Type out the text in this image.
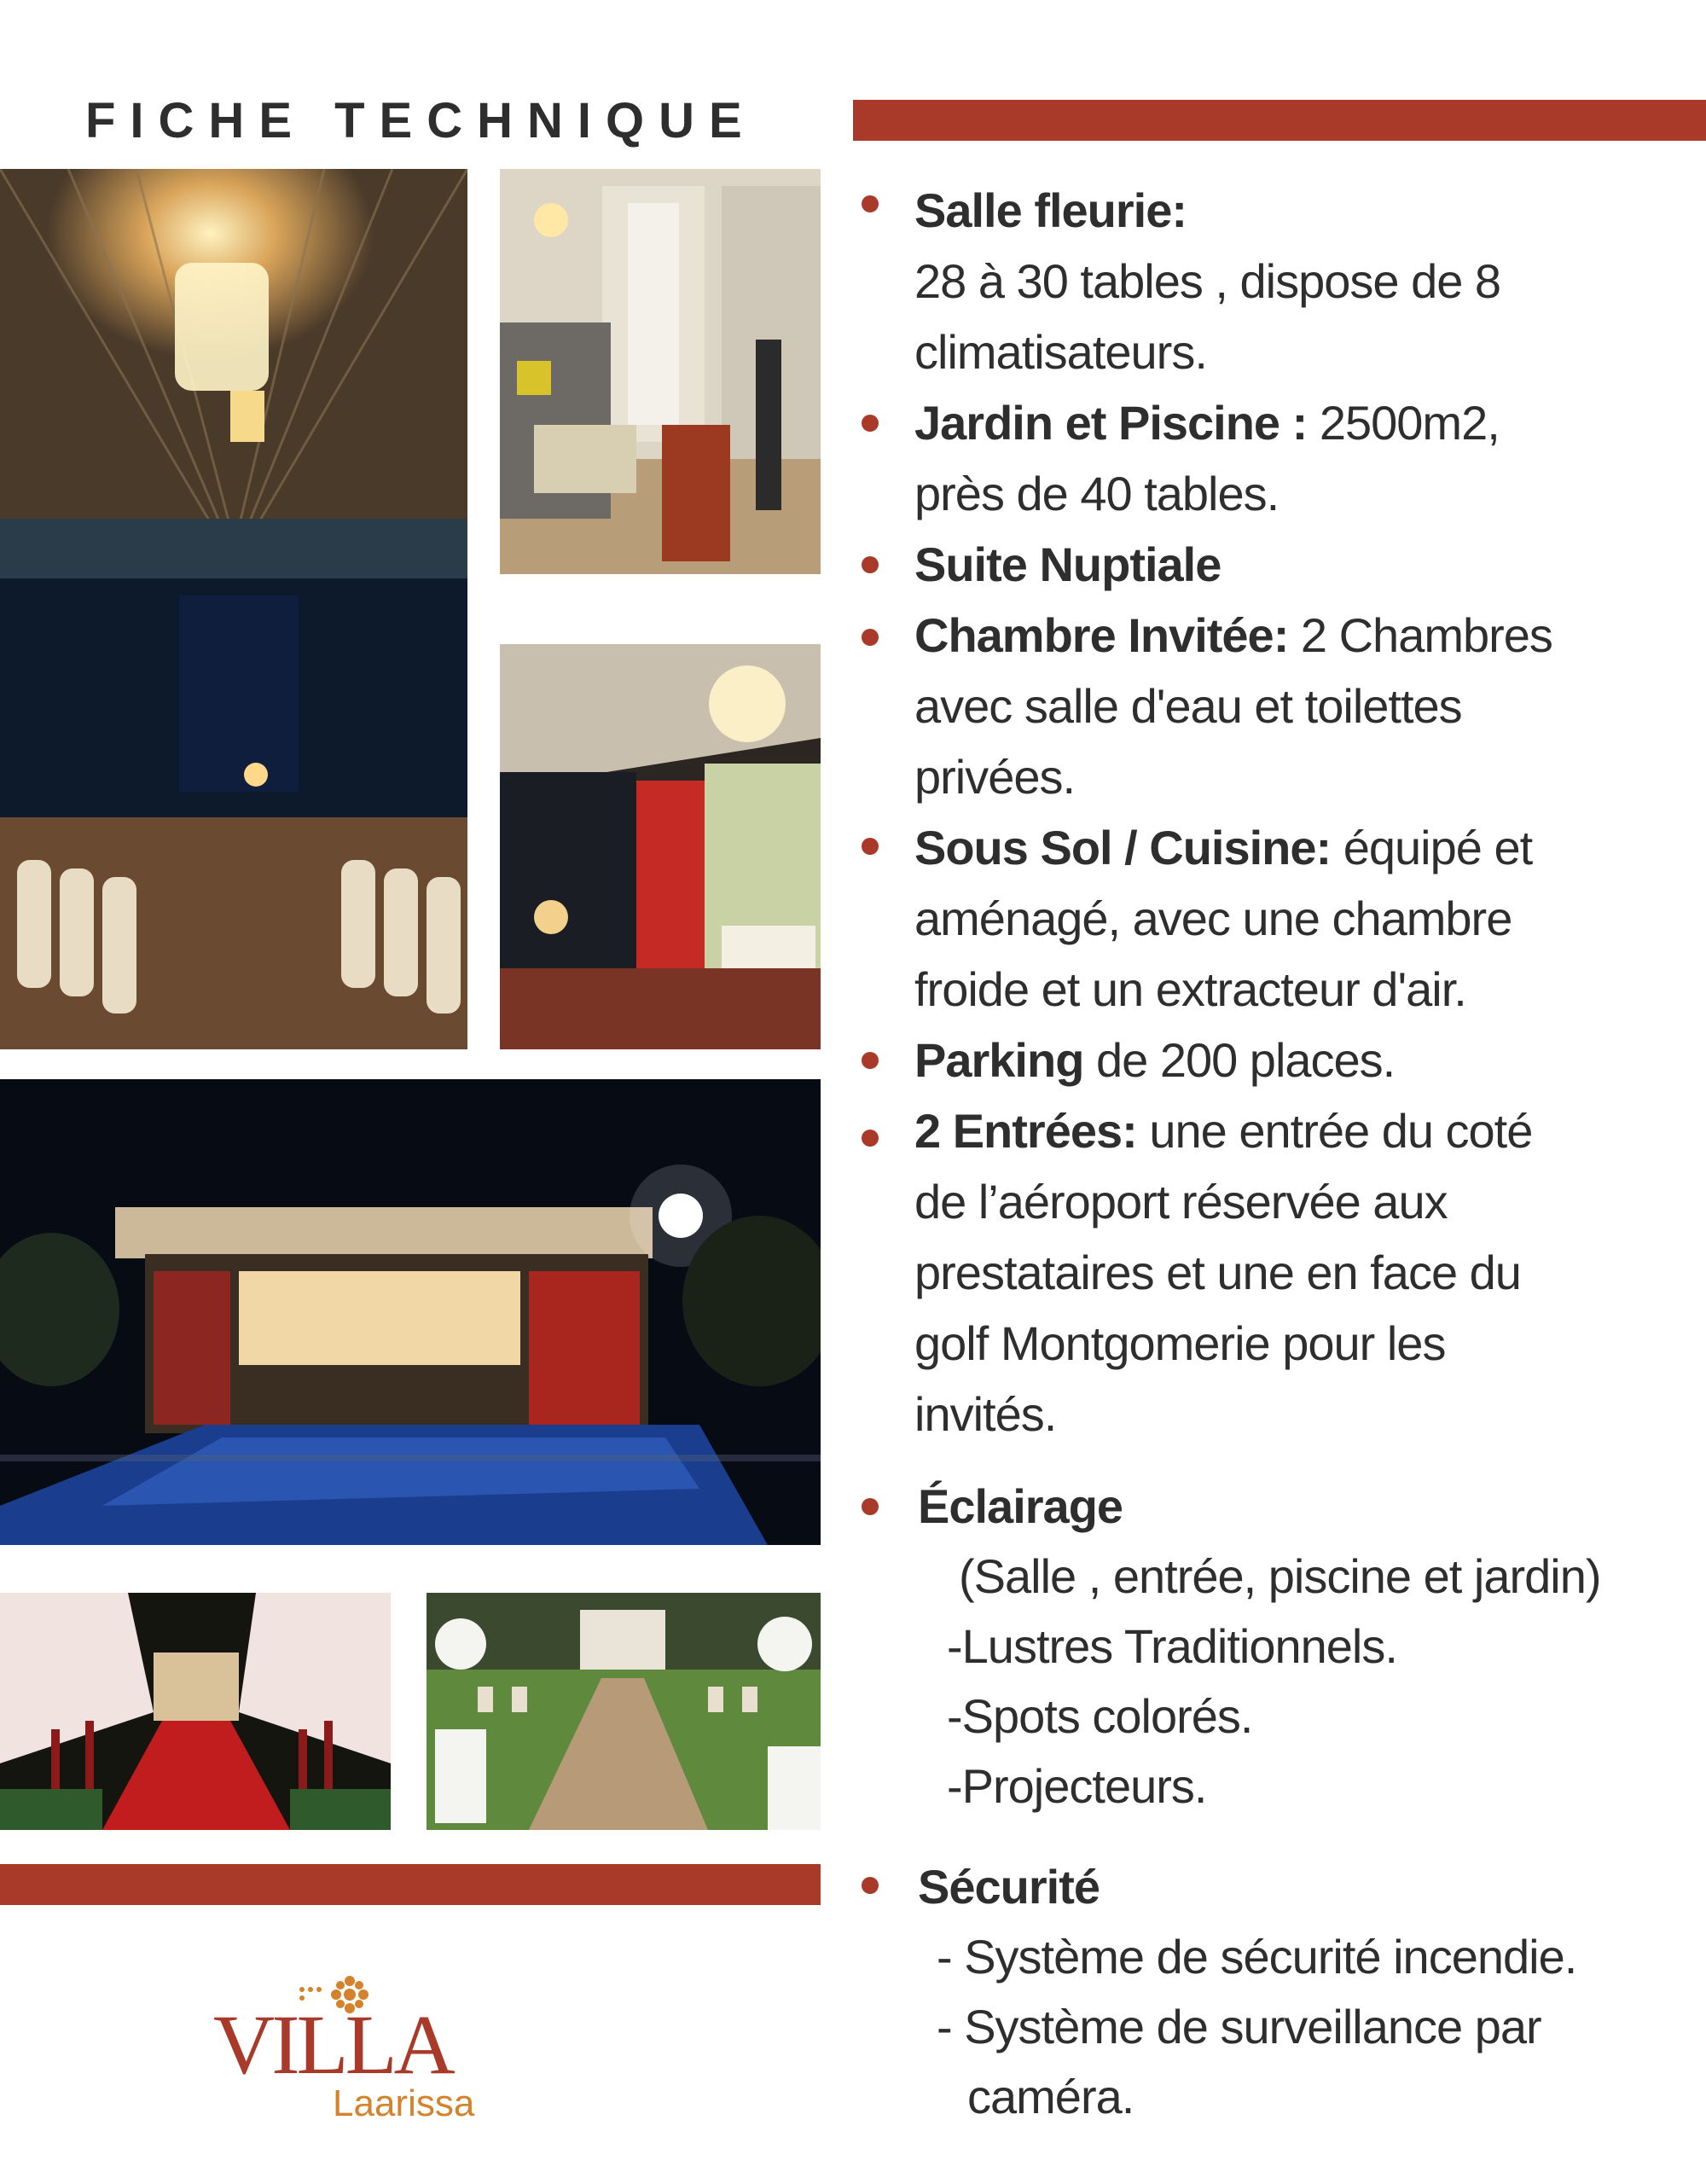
FICHE TECHNIQUE
Salle fleurie:
28 à 30 tables , dispose de 8
climatisateurs.
Jardin et Piscine : 2500m2,
près de 40 tables.
Suite Nuptiale
Chambre Invitée: 2 Chambres
avec salle d'eau et toilettes
privées.
Sous Sol / Cuisine: équipé et
aménagé, avec une chambre
froide et un extracteur d'air.
Parking de 200 places.
2 Entrées: une entrée du coté
de l’aéroport réservée aux
prestataires et une en face du
golf Montgomerie pour les
invités.
Éclairage
(Salle , entrée, piscine et jardin)
-Lustres Traditionnels.
-Spots colorés.
-Projecteurs.
Sécurité
- Système de sécurité incendie.
- Système de surveillance par
caméra.
VILLA
Laarissa
